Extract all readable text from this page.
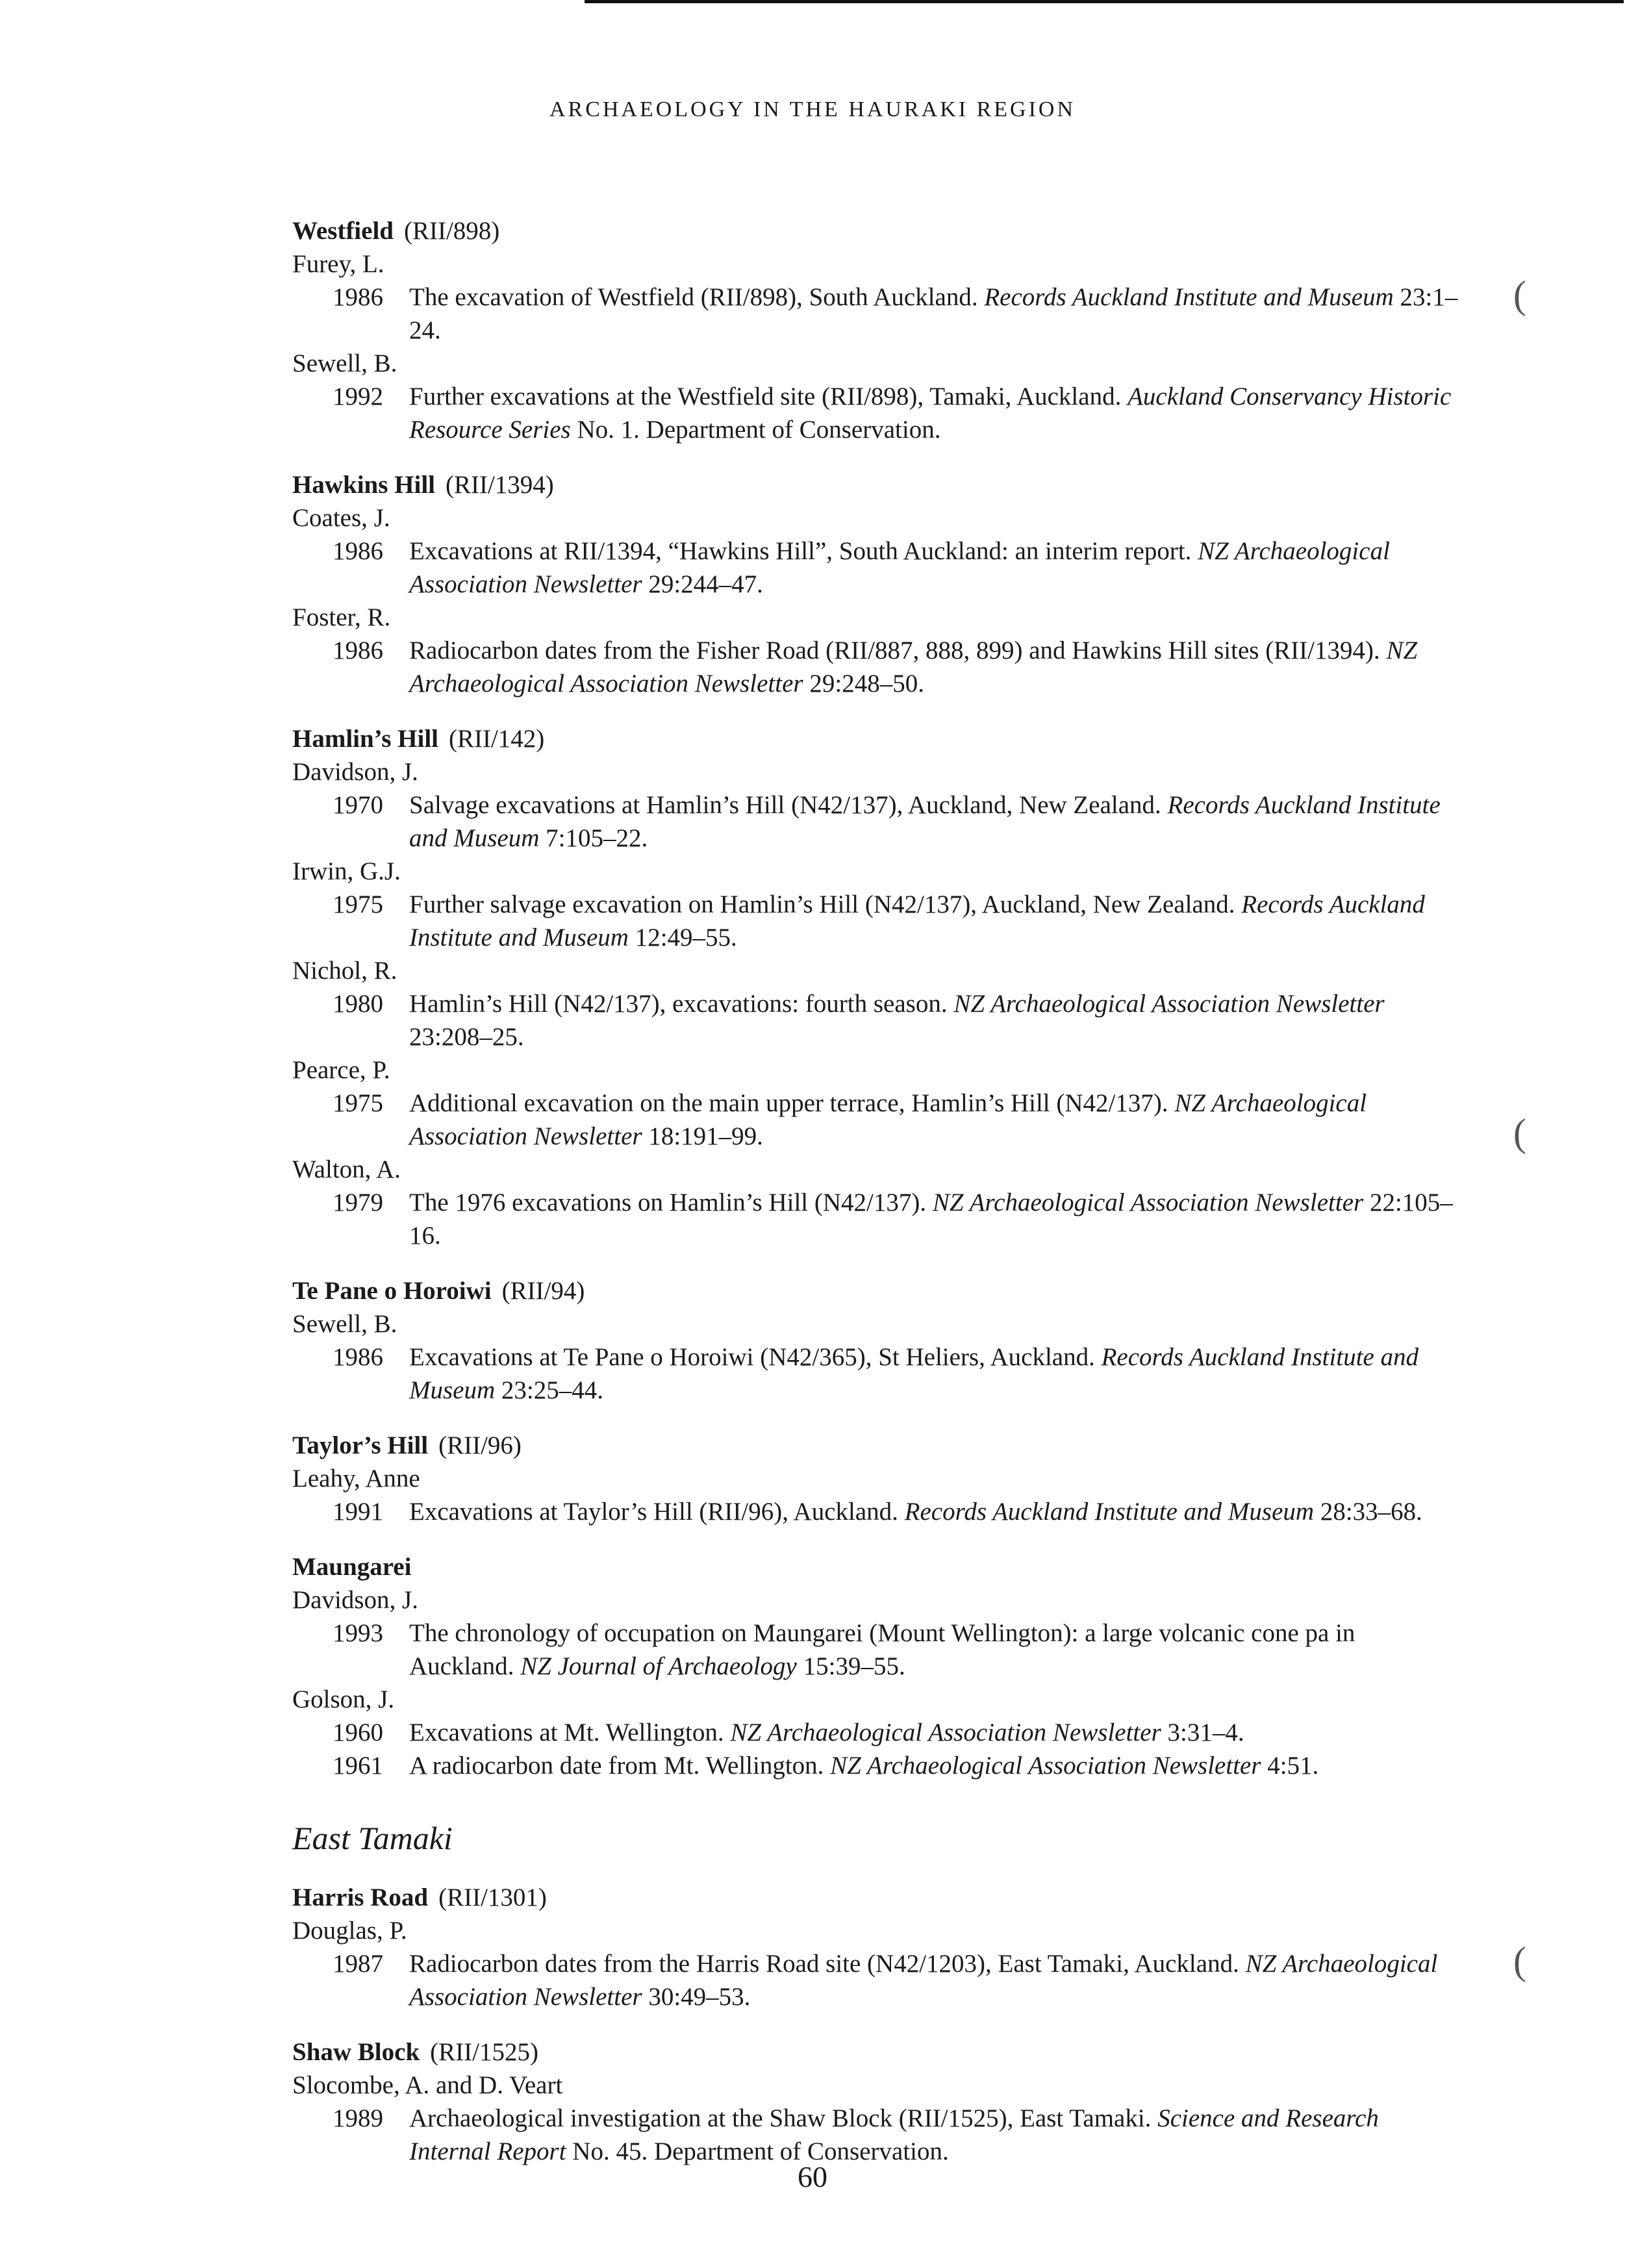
ARCHAEOLOGY IN THE HAURAKI REGION
Westfield (RII/898)
Furey, L.
1986	The excavation of Westfield (RII/898), South Auckland. Records Auckland Institute and Museum 23:1–24.
Sewell, B.
1992	Further excavations at the Westfield site (RII/898), Tamaki, Auckland. Auckland Conservancy Historic Resource Series No. 1. Department of Conservation.
Hawkins Hill (RII/1394)
Coates, J.
1986	Excavations at RII/1394, “Hawkins Hill”, South Auckland: an interim report. NZ Archaeological Association Newsletter 29:244–47.
Foster, R.
1986	Radiocarbon dates from the Fisher Road (RII/887, 888, 899) and Hawkins Hill sites (RII/1394). NZ Archaeological Association Newsletter 29:248–50.
Hamlin’s Hill (RII/142)
Davidson, J.
1970	Salvage excavations at Hamlin’s Hill (N42/137), Auckland, New Zealand. Records Auckland Institute and Museum 7:105–22.
Irwin, G.J.
1975	Further salvage excavation on Hamlin’s Hill (N42/137), Auckland, New Zealand. Records Auckland Institute and Museum 12:49–55.
Nichol, R.
1980	Hamlin’s Hill (N42/137), excavations: fourth season. NZ Archaeological Association Newsletter 23:208–25.
Pearce, P.
1975	Additional excavation on the main upper terrace, Hamlin’s Hill (N42/137). NZ Archaeological Association Newsletter 18:191–99.
Walton, A.
1979	The 1976 excavations on Hamlin’s Hill (N42/137). NZ Archaeological Association Newsletter 22:105–16.
Te Pane o Horoiwi (RII/94)
Sewell, B.
1986	Excavations at Te Pane o Horoiwi (N42/365), St Heliers, Auckland. Records Auckland Institute and Museum 23:25–44.
Taylor’s Hill (RII/96)
Leahy, Anne
1991	Excavations at Taylor’s Hill (RII/96), Auckland. Records Auckland Institute and Museum 28:33–68.
Maungarei
Davidson, J.
1993	The chronology of occupation on Maungarei (Mount Wellington): a large volcanic cone pa in Auckland. NZ Journal of Archaeology 15:39–55.
Golson, J.
1960	Excavations at Mt. Wellington. NZ Archaeological Association Newsletter 3:31–4.
1961	A radiocarbon date from Mt. Wellington. NZ Archaeological Association Newsletter 4:51.
East Tamaki
Harris Road (RII/1301)
Douglas, P.
1987	Radiocarbon dates from the Harris Road site (N42/1203), East Tamaki, Auckland. NZ Archaeological Association Newsletter 30:49–53.
Shaw Block (RII/1525)
Slocombe, A. and D. Veart
1989	Archaeological investigation at the Shaw Block (RII/1525), East Tamaki. Science and Research Internal Report No. 45. Department of Conservation.
(
(
(
60
